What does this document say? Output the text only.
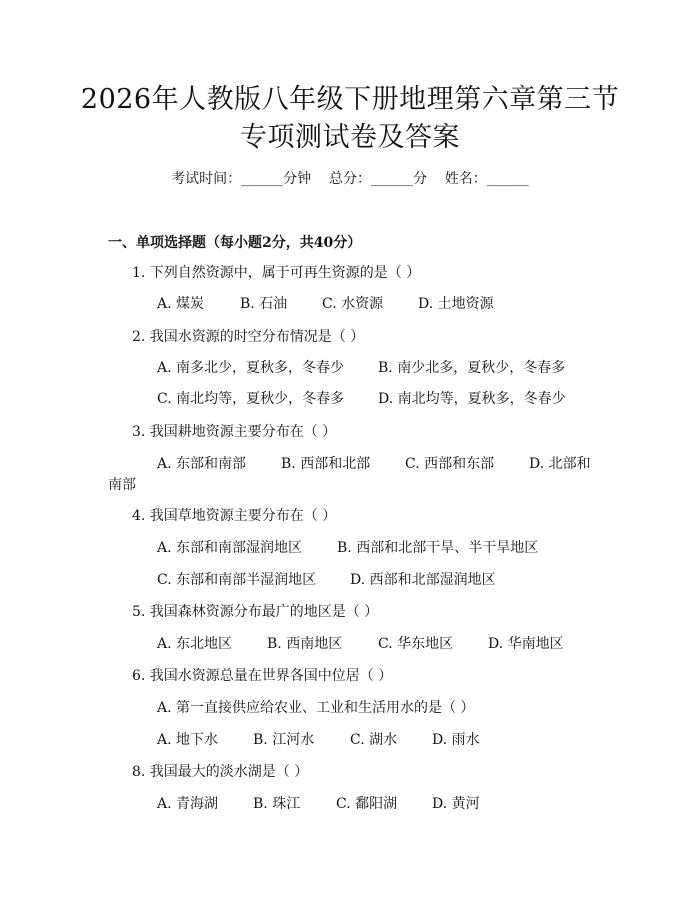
2026年人教版八年级下册地理第六章第三节
专项测试卷及答案
考试时间：______分钟    总分：______分    姓名：______
一、单项选择题（每小题2分，共40分）
1. 下列自然资源中，属于可再生资源的是（ ）
A. 煤炭	B. 石油 C. 水资源 D. 土地资源
2. 我国水资源的时空分布情况是（ ）
A. 南多北少，夏秋多，冬春少 B. 南少北多，夏秋少，冬春多
C. 南北均等，夏秋少，冬春多 D. 南北均等，夏秋多，冬春少
3. 我国耕地资源主要分布在（ ）
A. 东部和南部 B. 西部和北部 C. 西部和东部 D. 北部和
南部
4. 我国草地资源主要分布在（ ）
A. 东部和南部湿润地区 B. 西部和北部干旱、半干旱地区
C. 东部和南部半湿润地区 D. 西部和北部湿润地区
5. 我国森林资源分布最广的地区是（ ）
A. 东北地区 B. 西南地区	C. 华东地区 D. 华南地区
6. 我国水资源总量在世界各国中位居（ ）
A. 第一直接供应给农业、工业和生活用水的是（ ）
A. 地下水 B. 江河水	C. 湖水 D. 雨水
8. 我国最大的淡水湖是（ ）
A. 青海湖 B. 珠江	C. 鄱阳湖 D. 黄河
